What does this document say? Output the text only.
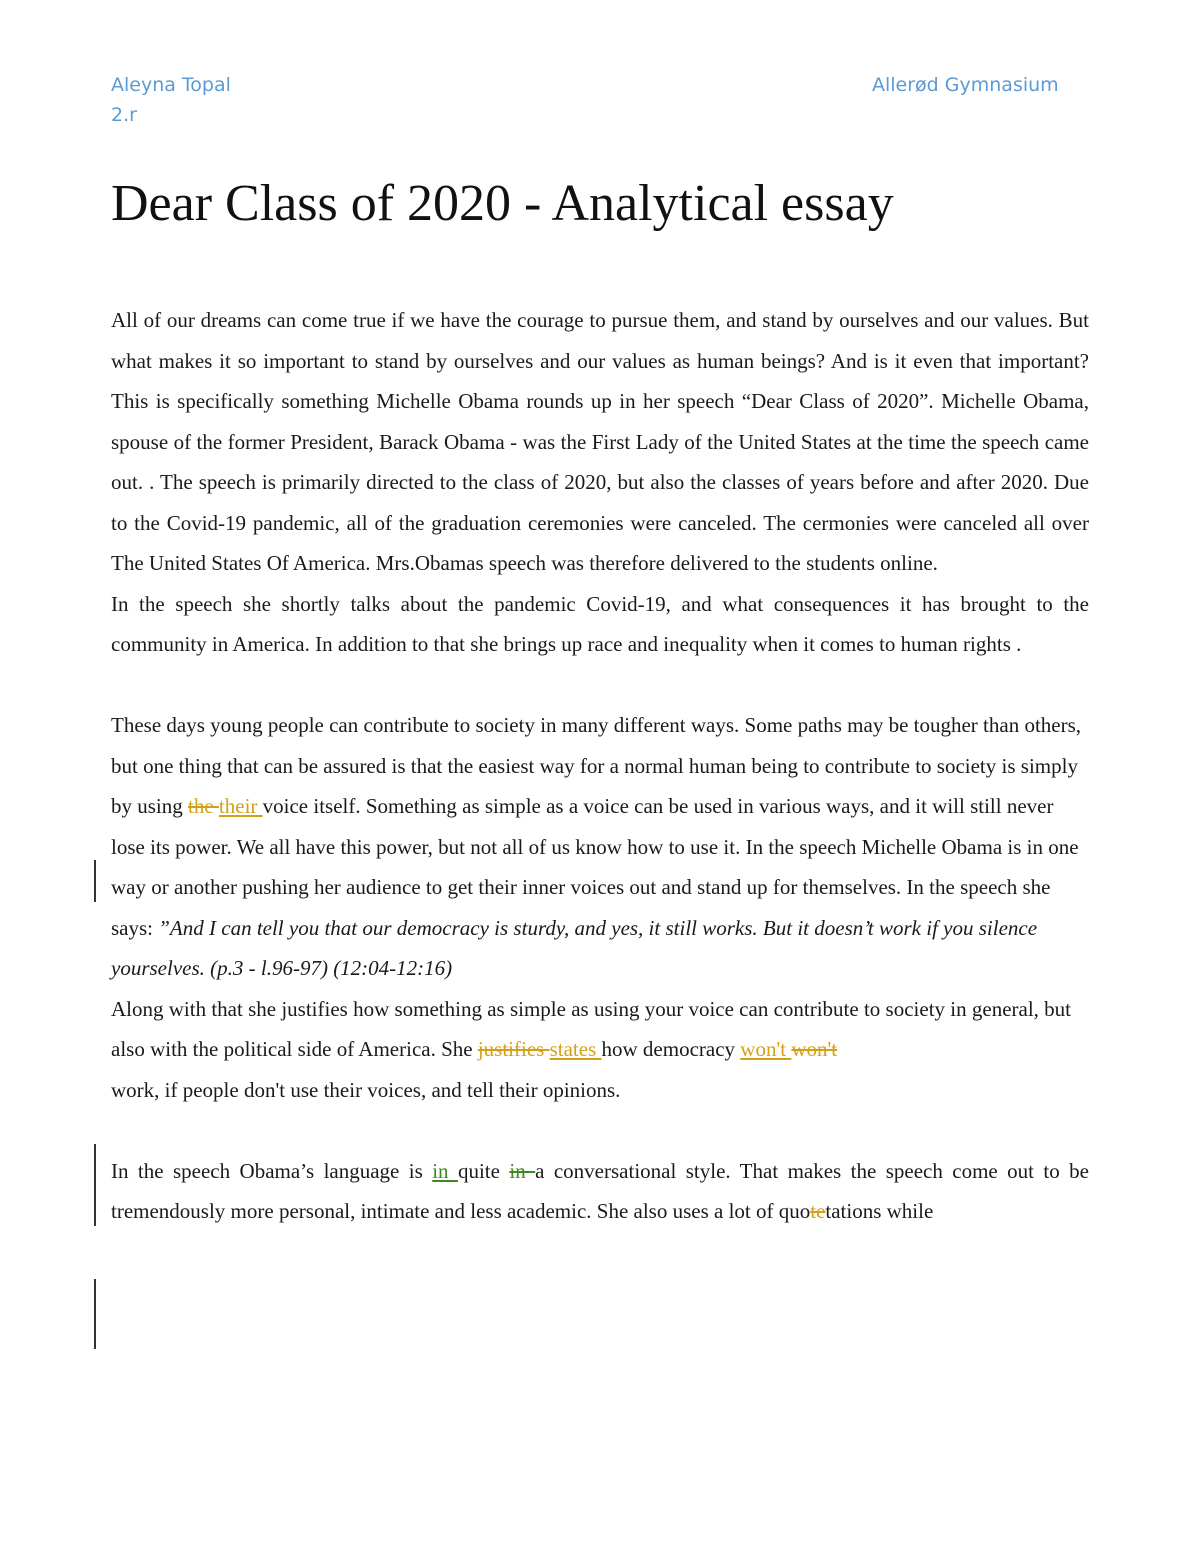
Aleyna Topal
2.r
Allerød Gymnasium
Dear Class of 2020 - Analytical essay

All of our dreams can come true if we have the courage to pursue them, and stand by ourselves and our values. But what makes it so important to stand by ourselves and our values as human beings? And is it even that important? This is specifically something Michelle Obama rounds up in her speech “Dear Class of 2020”. Michelle Obama, spouse of the former President, Barack Obama - was the First Lady of the United States at the time the speech came out. . The speech is primarily directed to the class of 2020, but also the classes of years before and after 2020. Due to the Covid-19 pandemic, all of the graduation ceremonies were canceled. The cermonies were canceled all over The United States Of America. Mrs.Obamas speech was therefore delivered to the students online.

In the speech she shortly talks about the pandemic Covid-19, and what consequences it has brought to the community in America. In addition to that she brings up race and inequality when it comes to human rights .

These days young people can contribute to society in many different ways. Some paths may be tougher than others, but one thing that can be assured is that the easiest way for a normal human being to contribute to society is simply by using the their voice itself. Something as simple as a voice can be used in various ways, and it will still never lose its power. We all have this power, but not all of us know how to use it. In the speech Michelle Obama is in one way or another pushing her audience to get their inner voices out and stand up for themselves. In the speech she says: ”And I can tell you that our democracy is sturdy, and yes, it still works. But it doesn’t work if you silence yourselves. (p.3 - l.96-97) (12:04-12:16)

Along with that she justifies how something as simple as using your voice can contribute to society in general, but also with the political side of America. She justifies states how democracy won't won't
work, if people don't use their voices, and tell their opinions.

In the speech Obama’s language is in quite in a conversational style. That makes the speech come out to be tremendously more personal, intimate and less academic. She also uses a lot of quotetations while
